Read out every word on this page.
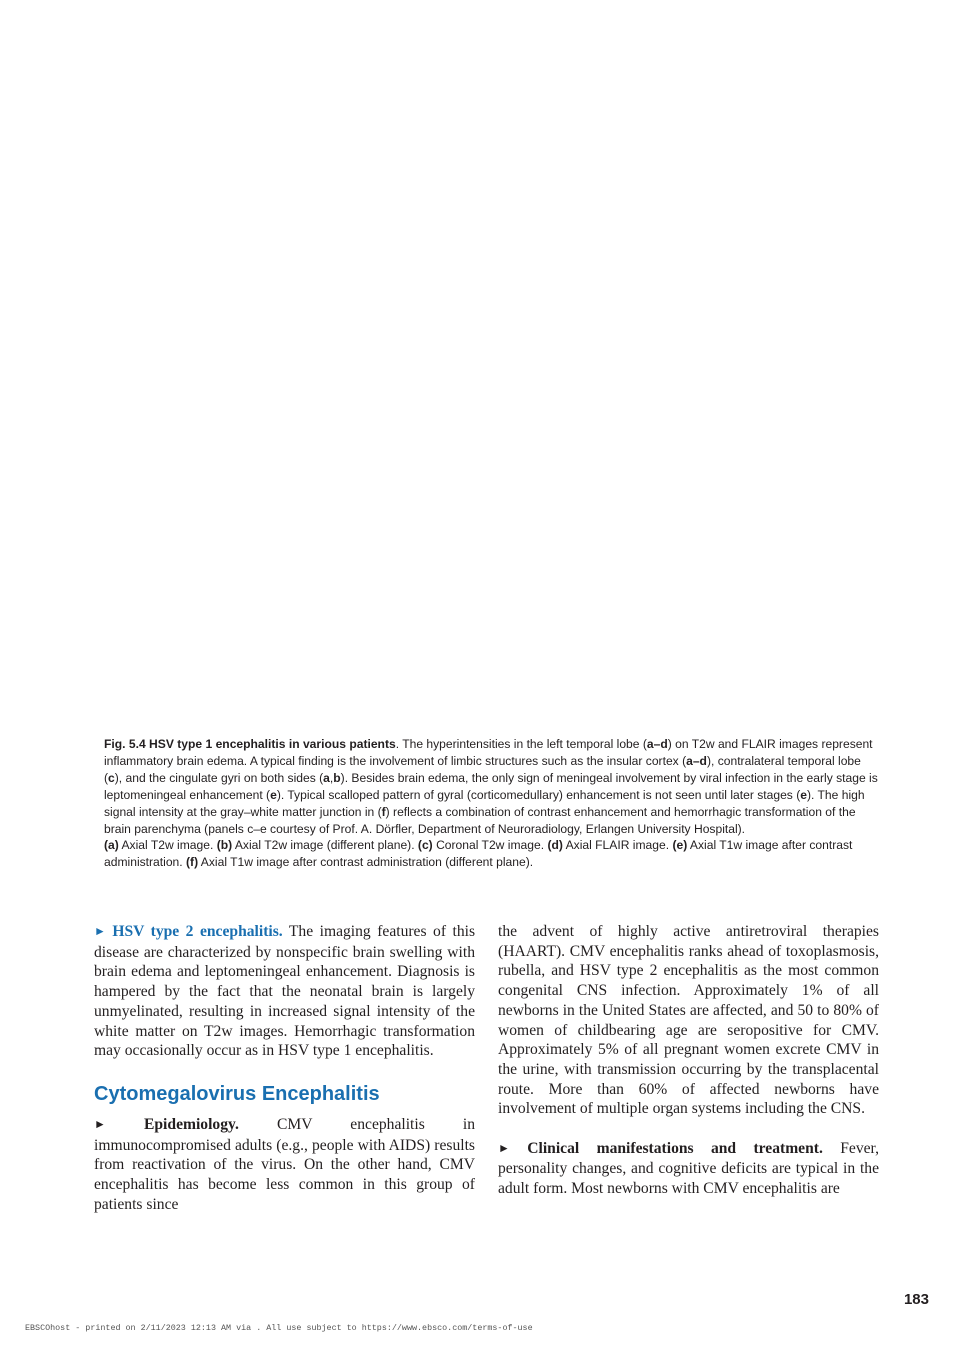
Fig. 5.4 HSV type 1 encephalitis in various patients. The hyperintensities in the left temporal lobe (a–d) on T2w and FLAIR images represent inflammatory brain edema. A typical finding is the involvement of limbic structures such as the insular cortex (a–d), contralateral temporal lobe (c), and the cingulate gyri on both sides (a,b). Besides brain edema, the only sign of meningeal involvement by viral infection in the early stage is leptomeningeal enhancement (e). Typical scalloped pattern of gyral (corticomedullary) enhancement is not seen until later stages (e). The high signal intensity at the gray–white matter junction in (f) reflects a combination of contrast enhancement and hemorrhagic transformation of the brain parenchyma (panels c–e courtesy of Prof. A. Dörfler, Department of Neuroradiology, Erlangen University Hospital).

(a) Axial T2w image. (b) Axial T2w image (different plane). (c) Coronal T2w image. (d) Axial FLAIR image. (e) Axial T1w image after contrast administration. (f) Axial T1w image after contrast administration (different plane).

► HSV type 2 encephalitis. The imaging features of this disease are characterized by nonspecific brain swelling with brain edema and leptomeningeal enhancement. Diagnosis is hampered by the fact that the neonatal brain is largely unmyelinated, resulting in increased signal intensity of the white matter on T2w images. Hemorrhagic transformation may occasionally occur as in HSV type 1 encephalitis.

Cytomegalovirus Encephalitis

► Epidemiology. CMV encephalitis in immunocompromised adults (e.g., people with AIDS) results from reactivation of the virus. On the other hand, CMV encephalitis has become less common in this group of patients since

the advent of highly active antiretroviral therapies (HAART). CMV encephalitis ranks ahead of toxoplasmosis, rubella, and HSV type 2 encephalitis as the most common congenital CNS infection. Approximately 1% of all newborns in the United States are affected, and 50 to 80% of women of childbearing age are seropositive for CMV. Approximately 5% of all pregnant women excrete CMV in the urine, with transmission occurring by the transplacental route. More than 60% of affected newborns have involvement of multiple organ systems including the CNS.

► Clinical manifestations and treatment. Fever, personality changes, and cognitive deficits are typical in the adult form. Most newborns with CMV encephalitis are

183
EBSCOhost - printed on 2/11/2023 12:13 AM via . All use subject to https://www.ebsco.com/terms-of-use
